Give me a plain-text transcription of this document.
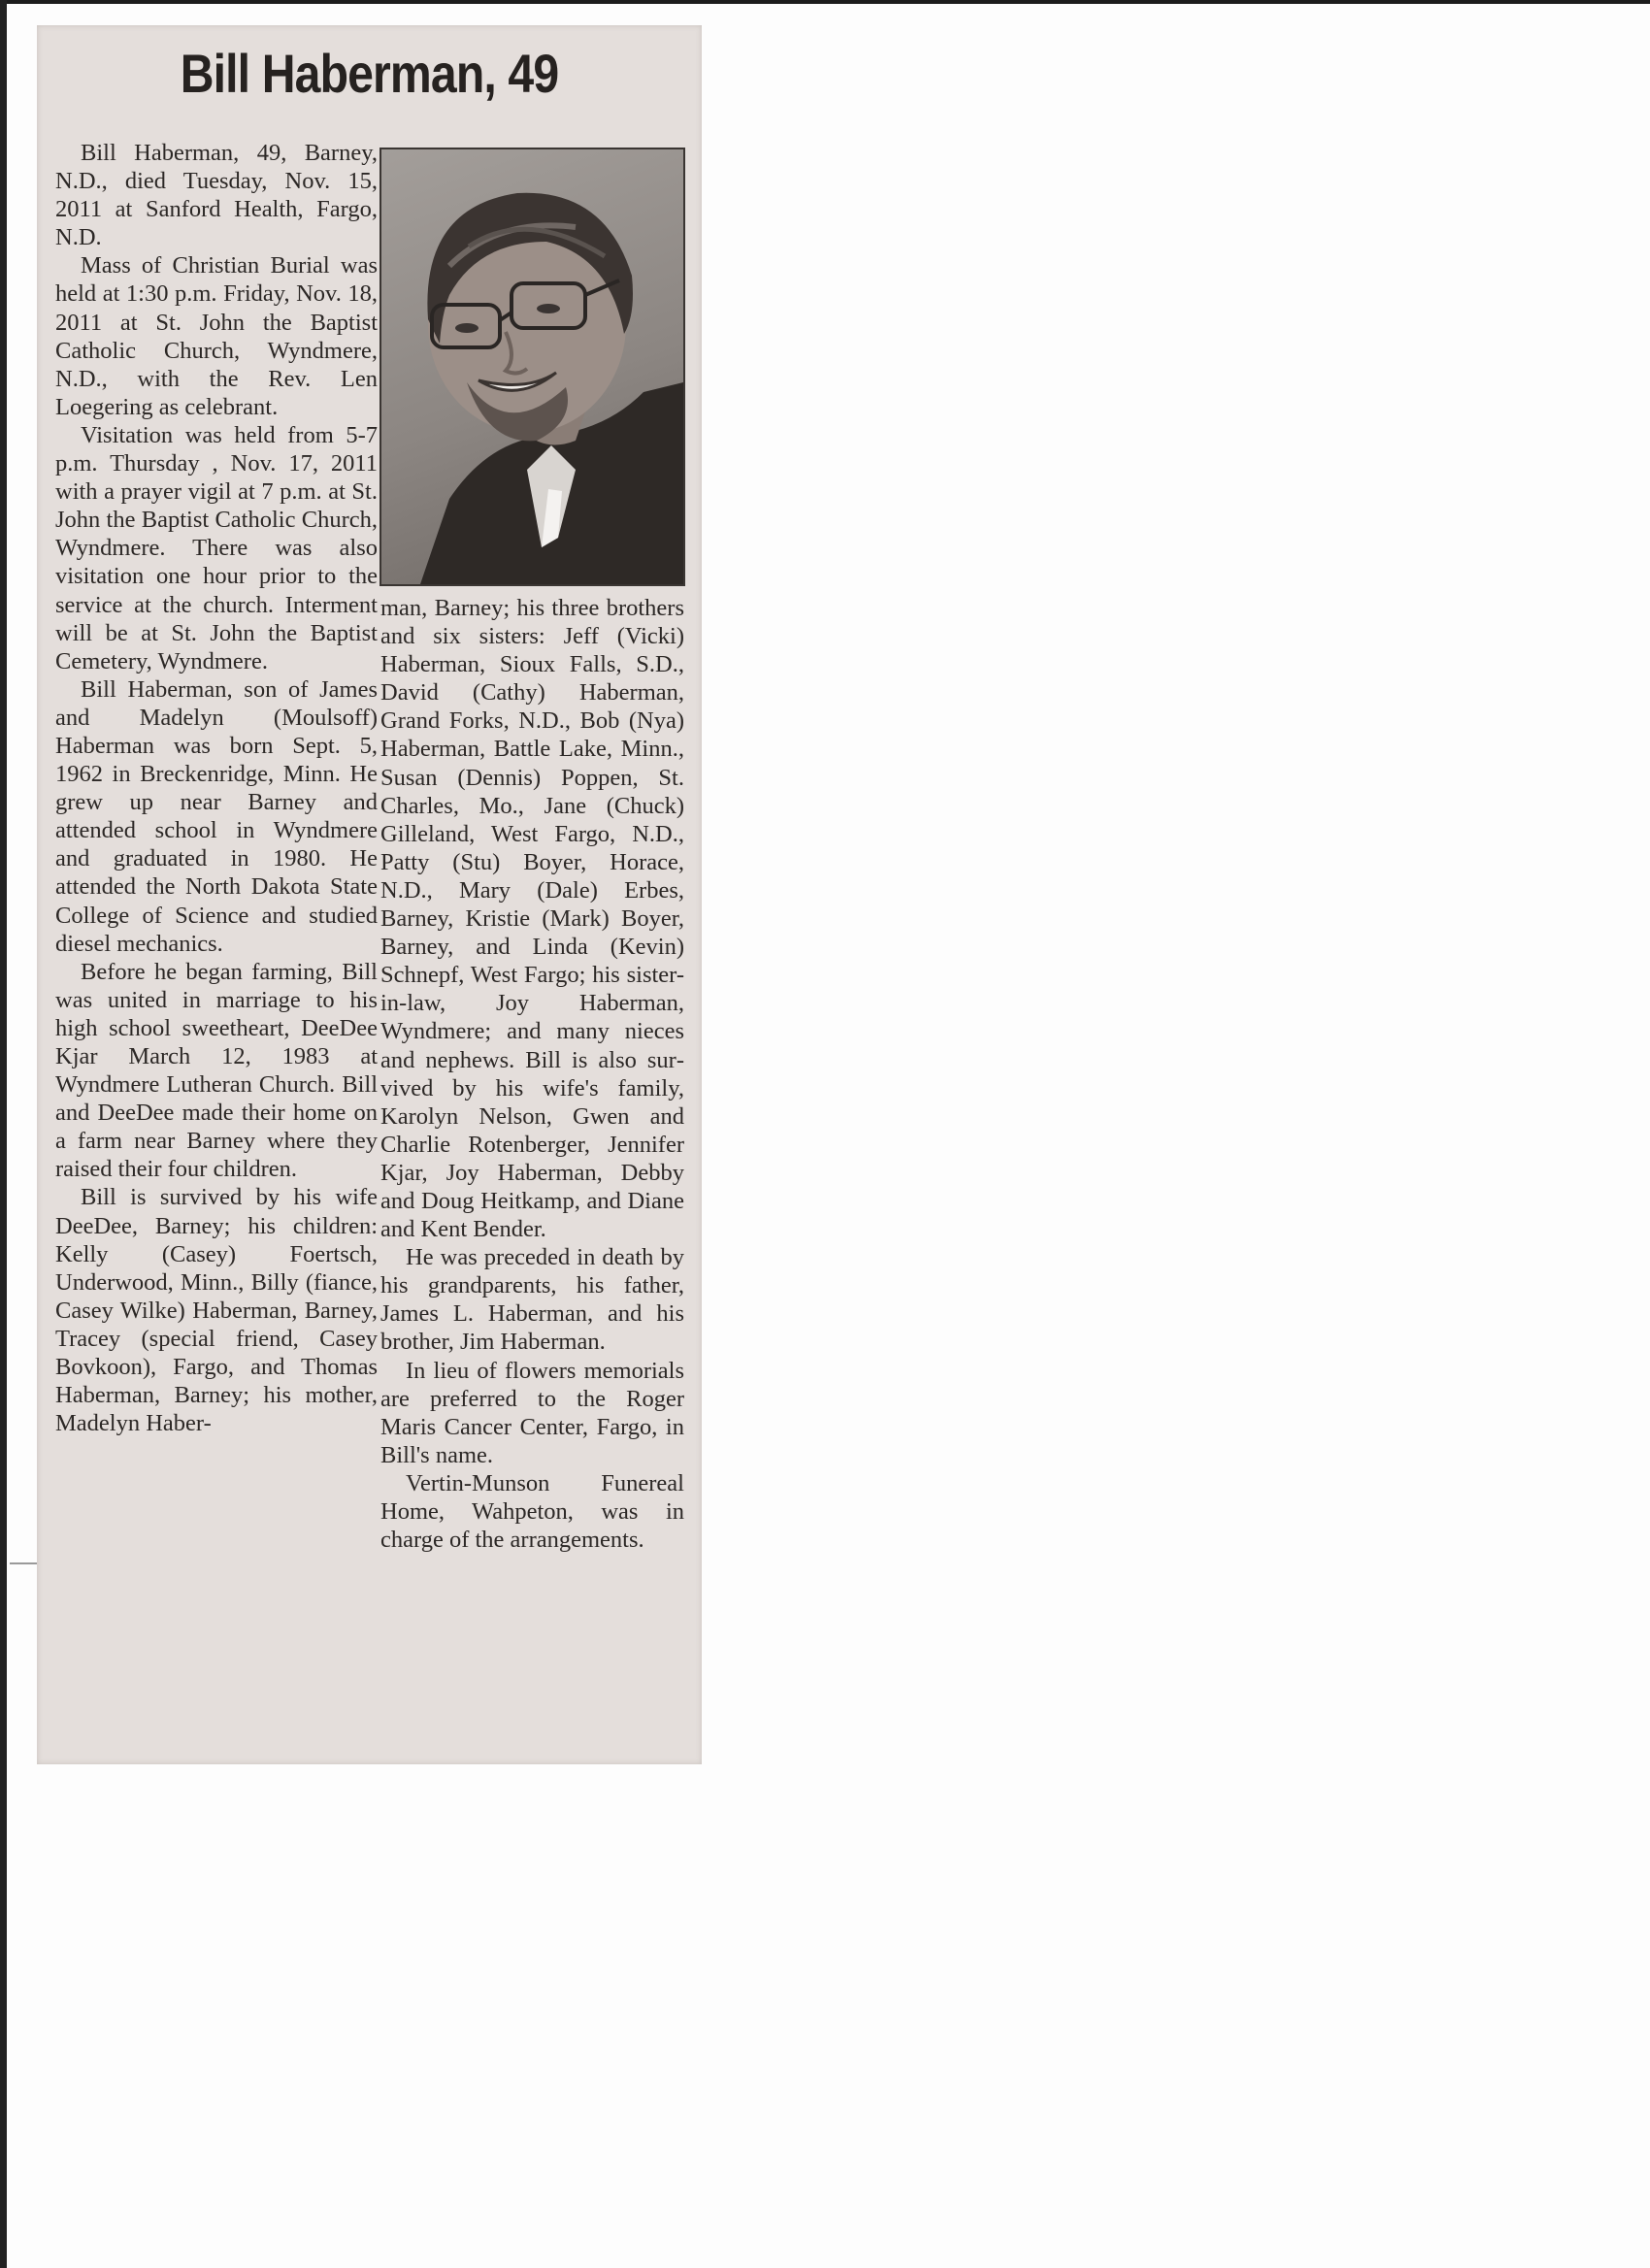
Bill Haberman, 49

Bill Haberman, 49, Barney, N.D., died Tuesday, Nov. 15, 2011 at Sanford Health, Fargo, N.D.

Mass of Christian Burial was held at 1:30 p.m. Friday, Nov. 18, 2011 at St. John the Baptist Catholic Church, Wyndmere, N.D., with the Rev. Len Loegering as celebrant.

Visitation was held from 5-7 p.m. Thursday , Nov. 17, 2011 with a prayer vigil at 7 p.m. at St. John the Baptist Catholic Church, Wyndmere. There was also visitation one hour prior to the service at the church. Interment will be at St. John the Baptist Cemetery, Wyndmere.

Bill Haberman, son of James and Madelyn (Moulsoff) Haberman was born Sept. 5, 1962 in Breckenridge, Minn. He grew up near Barney and attended school in Wyndmere and graduated in 1980. He attended the North Dakota State College of Science and studied diesel mechanics.

Before he began farming, Bill was united in marriage to his high school sweetheart, DeeDee Kjar March 12, 1983 at Wyndmere Lutheran Church. Bill and DeeDee made their home on a farm near Barney where they raised their four children.

Bill is survived by his wife DeeDee, Barney; his children: Kelly (Casey) Foertsch, Underwood, Minn., Billy (fiance, Casey Wilke) Haberman, Barney, Tracey (special friend, Casey Bovkoon), Fargo, and Thomas Haberman, Barney; his mother, Madelyn Haber-

man, Barney; his three brothers and six sisters: Jeff (Vicki) Haberman, Sioux Falls, S.D., David (Cathy) Haberman, Grand Forks, N.D., Bob (Nya) Haberman, Battle Lake, Minn., Susan (Dennis) Poppen, St. Charles, Mo., Jane (Chuck) Gilleland, West Fargo, N.D., Patty (Stu) Boyer, Horace, N.D., Mary (Dale) Erbes, Barney, Kristie (Mark) Boyer, Barney, and Linda (Kevin) Schnepf, West Fargo; his sister-in-law, Joy Haberman, Wyndmere; and many nieces and nephews. Bill is also survived by his wife's family, Karolyn Nelson, Gwen and Charlie Rotenberger, Jennifer Kjar, Joy Haberman, Debby and Doug Heitkamp, and Diane and Kent Bender.

He was preceded in death by his grandparents, his father, James L. Haberman, and his brother, Jim Haberman.

In lieu of flowers memorials are preferred to the Roger Maris Cancer Center, Fargo, in Bill's name.

Vertin-Munson Funereal Home, Wahpeton, was in charge of the arrangements.
